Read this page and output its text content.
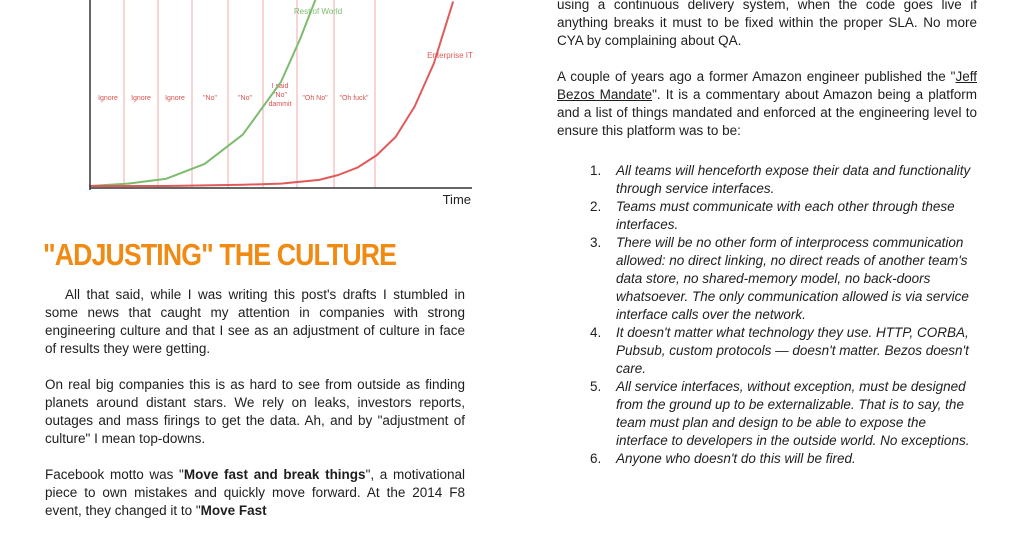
Ignore Ignore Ignore	"No"	"No"
I said "No" dammit
"Oh No" "Oh fuck"
Rest of World
Enterprise IT
Time
"ADJUSTING" THE CULTURE

All that said, while I was writing this post's drafts I stumbled in some news that caught my attention in companies with strong engineering culture and that I see as an adjustment of culture in face of results they were getting.

On real big companies this is as hard to see from outside as finding planets around distant stars. We rely on leaks, investors reports, outages and mass firings to get the data. Ah, and by "adjustment of culture" I mean top-downs.

Facebook motto was "Move fast and break things", a motivational piece to own mistakes and quickly move forward. At the 2014 F8 event, they changed it to "Move Fast

using a continuous delivery system, when the code goes live if anything breaks it must to be fixed within the proper SLA. No more CYA by complaining about QA.

A couple of years ago a former Amazon engineer published the "Jeff Bezos Mandate". It is a commentary about Amazon being a platform and a list of things mandated and enforced at the engineering level to ensure this platform was to be:

1. All teams will henceforth expose their data and functionality through service interfaces.
2. Teams must communicate with each other through these interfaces.
3. There will be no other form of interprocess communication allowed: no direct linking, no direct reads of another team's data store, no shared-memory model, no back-doors whatsoever. The only communication allowed is via service interface calls over the network.
4. It doesn't matter what technology they use. HTTP, CORBA, Pubsub, custom protocols — doesn't matter. Bezos doesn't care.
5. All service interfaces, without exception, must be designed from the ground up to be externalizable. That is to say, the team must plan and design to be able to expose the interface to developers in the outside world. No exceptions.
6. Anyone who doesn't do this will be fired.
